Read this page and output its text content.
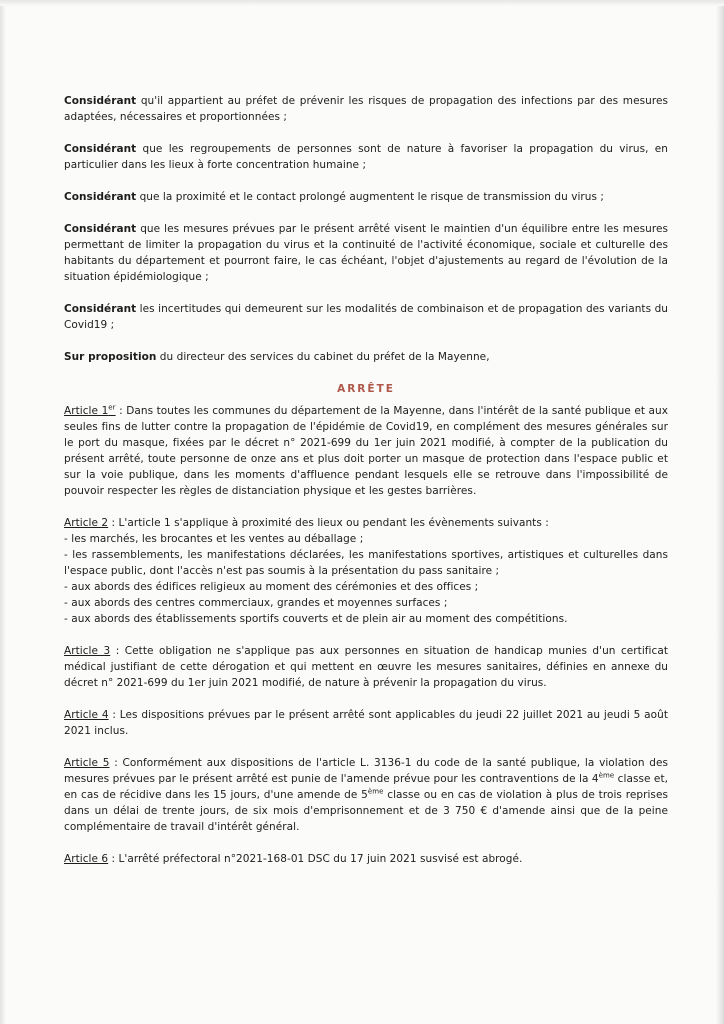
Considérant qu'il appartient au préfet de prévenir les risques de propagation des infections par des mesures adaptées, nécessaires et proportionnées ;

Considérant que les regroupements de personnes sont de nature à favoriser la propagation du virus, en particulier dans les lieux à forte concentration humaine ;

Considérant que la proximité et le contact prolongé augmentent le risque de transmission du virus ;

Considérant que les mesures prévues par le présent arrêté visent le maintien d'un équilibre entre les mesures permettant de limiter la propagation du virus et la continuité de l'activité économique, sociale et culturelle des habitants du département et pourront faire, le cas échéant, l'objet d'ajustements au regard de l'évolution de la situation épidémiologique ;

Considérant les incertitudes qui demeurent sur les modalités de combinaison et de propagation des variants du Covid19 ;

Sur proposition du directeur des services du cabinet du préfet de la Mayenne,

ARRÊTE

Article 1er : Dans toutes les communes du département de la Mayenne, dans l'intérêt de la santé publique et aux seules fins de lutter contre la propagation de l'épidémie de Covid19, en complément des mesures générales sur le port du masque, fixées par le décret n° 2021-699 du 1er juin 2021 modifié, à compter de la publication du présent arrêté, toute personne de onze ans et plus doit porter un masque de protection dans l'espace public et sur la voie publique, dans les moments d'affluence pendant lesquels elle se retrouve dans l'impossibilité de pouvoir respecter les règles de distanciation physique et les gestes barrières.

Article 2 : L'article 1 s'applique à proximité des lieux ou pendant les évènements suivants :
- les marchés, les brocantes et les ventes au déballage ;
- les rassemblements, les manifestations déclarées, les manifestations sportives, artistiques et culturelles dans l'espace public, dont l'accès n'est pas soumis à la présentation du pass sanitaire ;
- aux abords des édifices religieux au moment des cérémonies et des offices ;
- aux abords des centres commerciaux, grandes et moyennes surfaces ;
- aux abords des établissements sportifs couverts et de plein air au moment des compétitions.

Article 3 : Cette obligation ne s'applique pas aux personnes en situation de handicap munies d'un certificat médical justifiant de cette dérogation et qui mettent en œuvre les mesures sanitaires, définies en annexe du décret n° 2021-699 du 1er juin 2021 modifié, de nature à prévenir la propagation du virus.

Article 4 : Les dispositions prévues par le présent arrêté sont applicables du jeudi 22 juillet 2021 au jeudi 5 août 2021 inclus.

Article 5 : Conformément aux dispositions de l'article L. 3136-1 du code de la santé publique, la violation des mesures prévues par le présent arrêté est punie de l'amende prévue pour les contraventions de la 4ème classe et, en cas de récidive dans les 15 jours, d'une amende de 5ème classe ou en cas de violation à plus de trois reprises dans un délai de trente jours, de six mois d'emprisonnement et de 3 750 € d'amende ainsi que de la peine complémentaire de travail d'intérêt général.

Article 6 : L'arrêté préfectoral n°2021-168-01 DSC du 17 juin 2021 susvisé est abrogé.
